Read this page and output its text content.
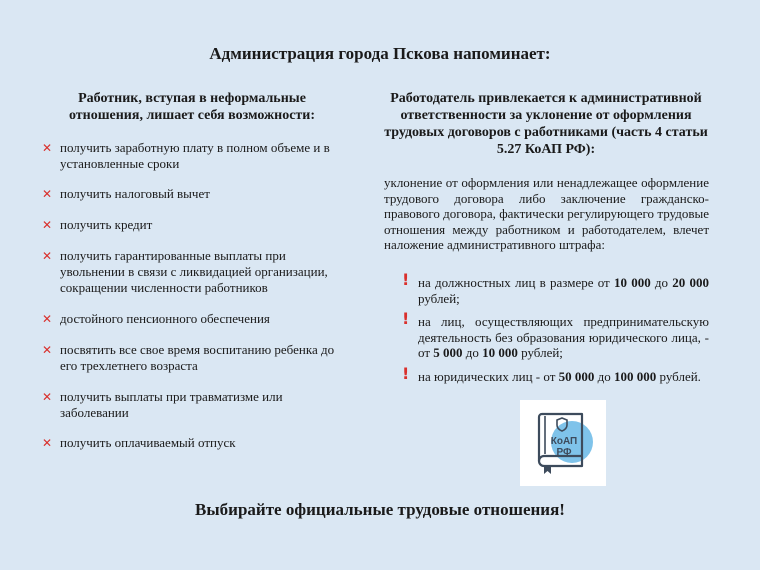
Администрация города Пскова напоминает:
Работник, вступая в неформальные отношения, лишает себя возможности:
✕ получить заработную плату в полном объеме и в установленные сроки
✕ получить налоговый вычет
✕ получить кредит
✕ получить гарантированные выплаты при увольнении в связи с ликвидацией организации, сокращении численности работников
✕ достойного пенсионного обеспечения
✕ посвятить все свое время воспитанию ребенка до его трехлетнего возраста
✕ получить выплаты при травматизме или заболевании
✕ получить оплачиваемый отпуск
Работодатель привлекается к административной ответственности за уклонение от оформления трудовых договоров с работниками (часть 4 статьи 5.27 КоАП РФ):
уклонение от оформления или ненадлежащее оформление трудового договора либо заключение гражданско-правового договора, фактически регулирующего трудовые отношения между работником и работодателем, влечет наложение административного штрафа:
! на должностных лиц в размере от 10 000 до 20 000 рублей;
! на лиц, осуществляющих предпринимательскую деятельность без образования юридического лица, - от 5 000 до 10 000 рублей;
! на юридических лиц - от 50 000 до 100 000 рублей.
КоАП
РФ
Выбирайте официальные трудовые отношения!
